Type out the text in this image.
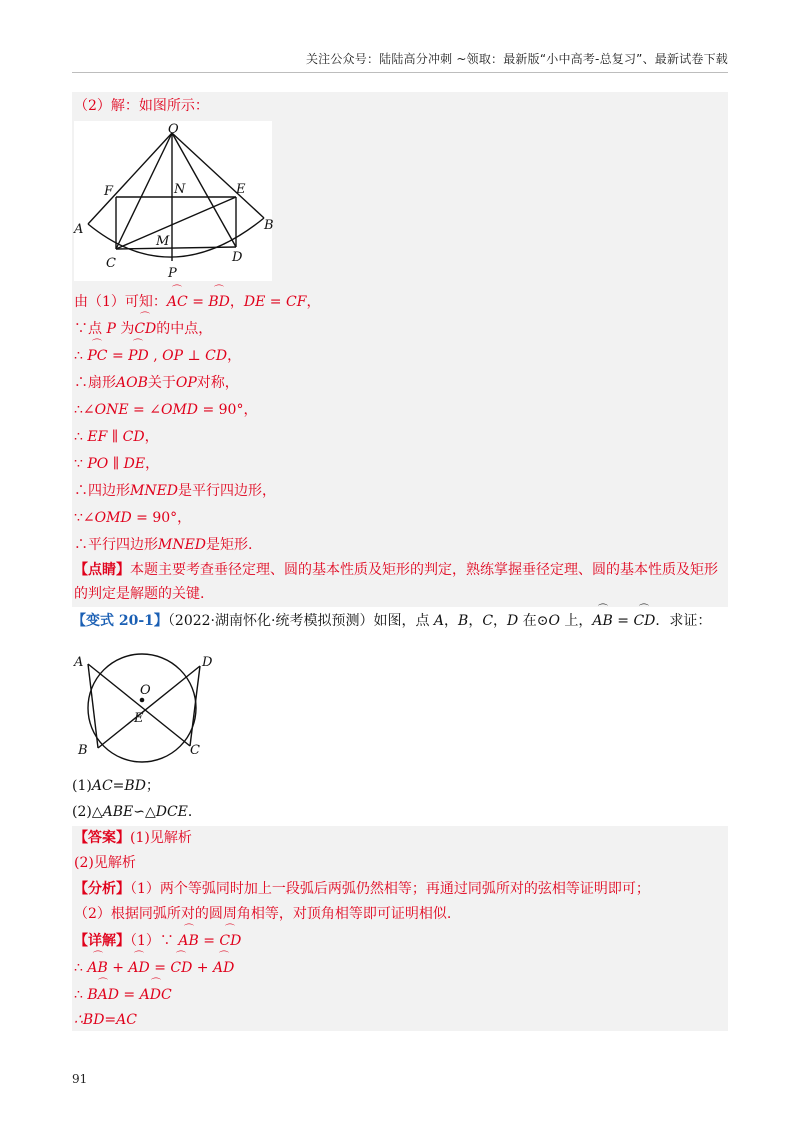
关注公众号：陆陆高分冲刺 ~领取：最新版“小中高考-总复习”、最新试卷下载
（2）解：如图所示：
O
F	N	E
A	B
M
C	D
P
由（1）可知：⌒ AC = ⌒ BD，DE = CF，
∵点 P 为⌒ CD的中点，
∴ ⌒ PC = ⌒ PD , OP ⊥ CD，
∴扇形AOB关于OP对称，
∴∠ONE = ∠OMD = 90°，
∴ EF ∥ CD，
∵ PO ∥ DE，
∴四边形MNED是平行四边形，
∵∠OMD = 90°，
∴平行四边形MNED是矩形.
【点睛】本题主要考查垂径定理、圆的基本性质及矩形的判定，熟练掌握垂径定理、圆的基本性质及矩形
的判定是解题的关键.
【变式 20-1】（2022·湖南怀化·统考模拟预测）如图，点 A，B，C，D 在⊙O 上，⌒ AB = ⌒ CD．求证：
A	D
O
E
B	C
(1)AC=BD；
(2)△ABE∽△DCE．
【答案】(1)见解析
(2)见解析
【分析】（1）两个等弧同时加上一段弧后两弧仍然相等；再通过同弧所对的弦相等证明即可；
（2）根据同弧所对的圆周角相等，对顶角相等即可证明相似.
【详解】（1）∵ ⌒ AB = ⌒ CD
∴ ⌒ AB + ⌒ AD = ⌒ CD + ⌒ AD
∴ ⌒ BAD = ⌒ ADC
∴BD=AC
91
